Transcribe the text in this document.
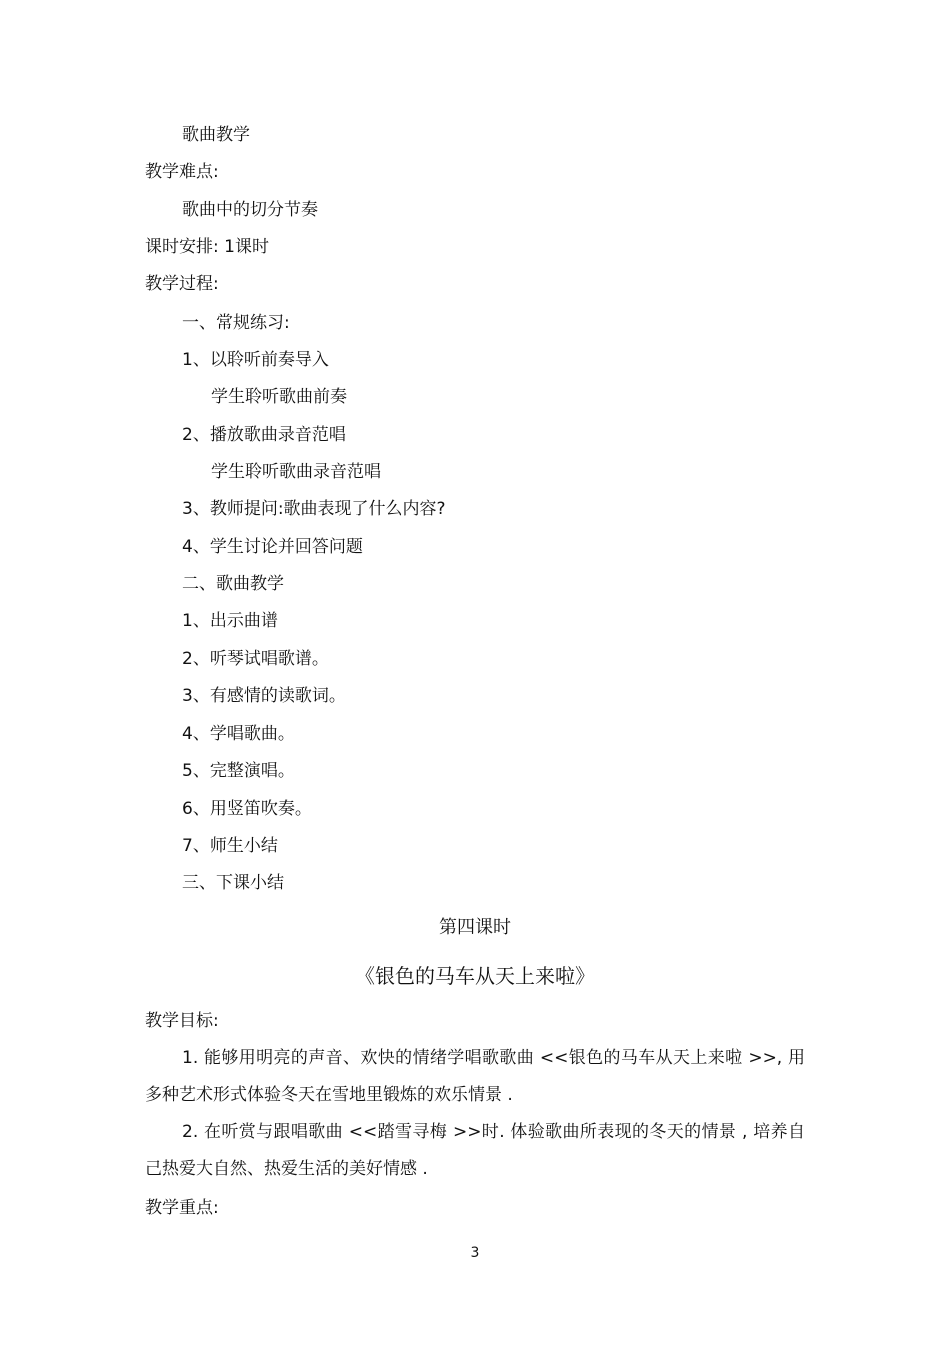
歌曲教学
教学难点:
歌曲中的切分节奏
课时安排: 1课时
教学过程:
一、常规练习:
1、以聆听前奏导入
学生聆听歌曲前奏
2、播放歌曲录音范唱
学生聆听歌曲录音范唱
3、教师提问:歌曲表现了什么内容?
4、学生讨论并回答问题
二、歌曲教学
1、出示曲谱
2、听琴试唱歌谱。
3、有感情的读歌词。
4、学唱歌曲。
5、完整演唱。
6、用竖笛吹奏。
7、师生小结
三、下课小结
第四课时
《银色的马车从天上来啦》
教学目标:
1. 能够用明亮的声音、欢快的情绪学唱歌歌曲 <<银色的马车从天上来啦 >>, 用多种艺术形式体验冬天在雪地里锻炼的欢乐情景 .
2. 在听赏与跟唱歌曲 <<踏雪寻梅 >>时. 体验歌曲所表现的冬天的情景 , 培养自己热爱大自然、热爱生活的美好情感 .
教学重点:
3
